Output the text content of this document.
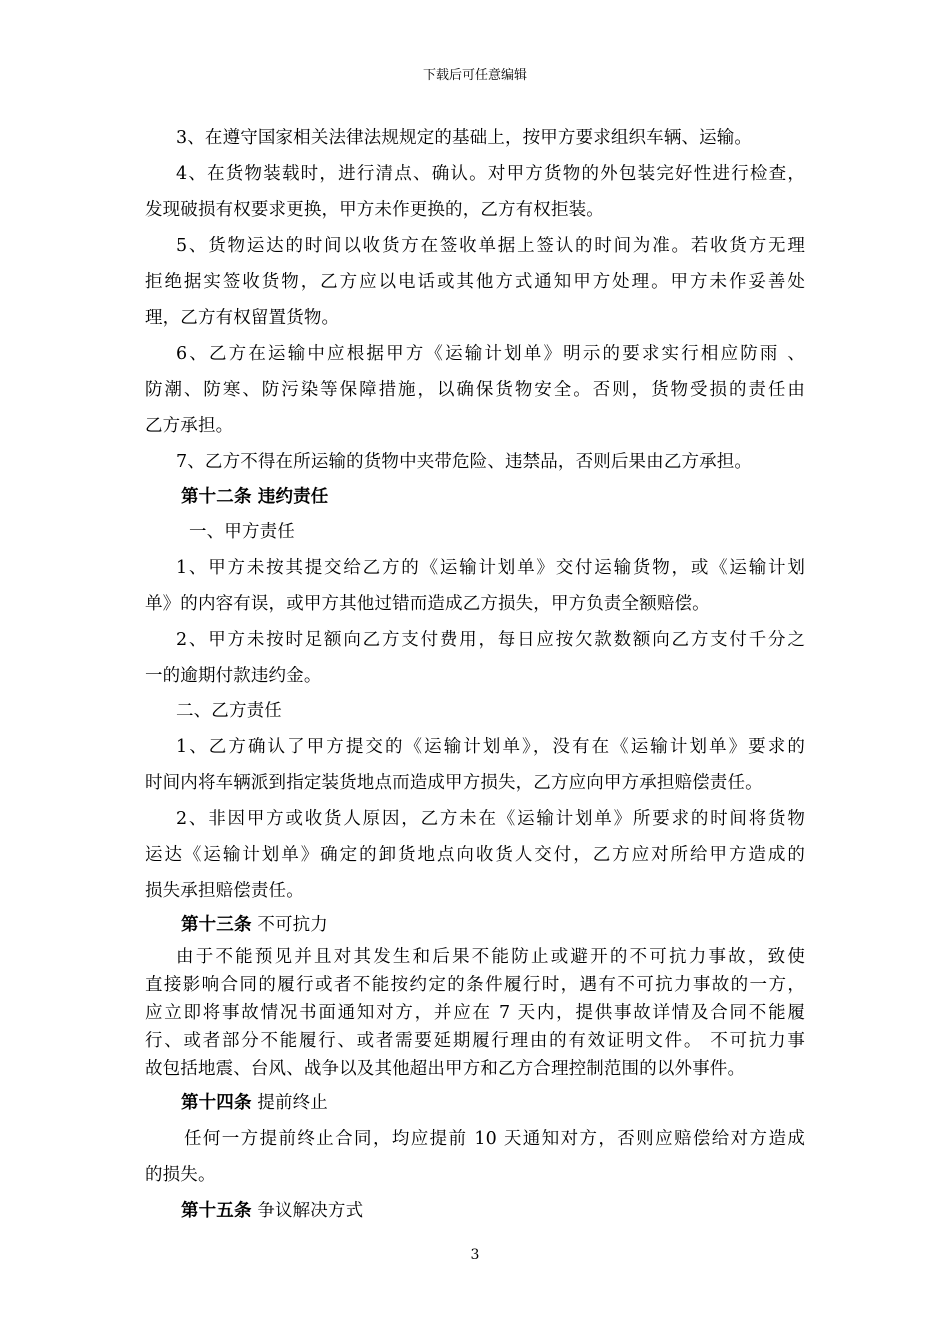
下载后可任意编辑
3、在遵守国家相关法律法规规定的基础上，按甲方要求组织车辆、运输。
4、在货物装载时，进行清点、确认。对甲方货物的外包装完好性进行检查，
发现破损有权要求更换，甲方未作更换的，乙方有权拒装。
5、货物运达的时间以收货方在签收单据上签认的时间为准。若收货方无理
拒绝据实签收货物，乙方应以电话或其他方式通知甲方处理。甲方未作妥善处
理，乙方有权留置货物。
6、乙方在运输中应根据甲方《运输计划单》明示的要求实行相应防雨 、
防潮、防寒、防污染等保障措施，以确保货物安全。否则，货物受损的责任由
乙方承担。
7、乙方不得在所运输的货物中夹带危险、违禁品，否则后果由乙方承担。
第十二条 违约责任
一、甲方责任
1、甲方未按其提交给乙方的《运输计划单》交付运输货物，或《运输计划
单》的内容有误，或甲方其他过错而造成乙方损失，甲方负责全额赔偿。
2、甲方未按时足额向乙方支付费用，每日应按欠款数额向乙方支付千分之
一的逾期付款违约金。
二、乙方责任
1、乙方确认了甲方提交的《运输计划单》，没有在《运输计划单》要求的
时间内将车辆派到指定装货地点而造成甲方损失，乙方应向甲方承担赔偿责任。
2、非因甲方或收货人原因，乙方未在《运输计划单》所要求的时间将货物
运达《运输计划单》确定的卸货地点向收货人交付，乙方应对所给甲方造成的
损失承担赔偿责任。
第十三条 不可抗力
由于不能预见并且对其发生和后果不能防止或避开的不可抗力事故，致使
直接影响合同的履行或者不能按约定的条件履行时，遇有不可抗力事故的一方，
应立即将事故情况书面通知对方，并应在 7 天内，提供事故详情及合同不能履
行、或者部分不能履行、或者需要延期履行理由的有效证明文件。 不可抗力事
故包括地震、台风、战争以及其他超出甲方和乙方合理控制范围的以外事件。
第十四条 提前终止
任何一方提前终止合同，均应提前 10 天通知对方，否则应赔偿给对方造成
的损失。
第十五条 争议解决方式
3
